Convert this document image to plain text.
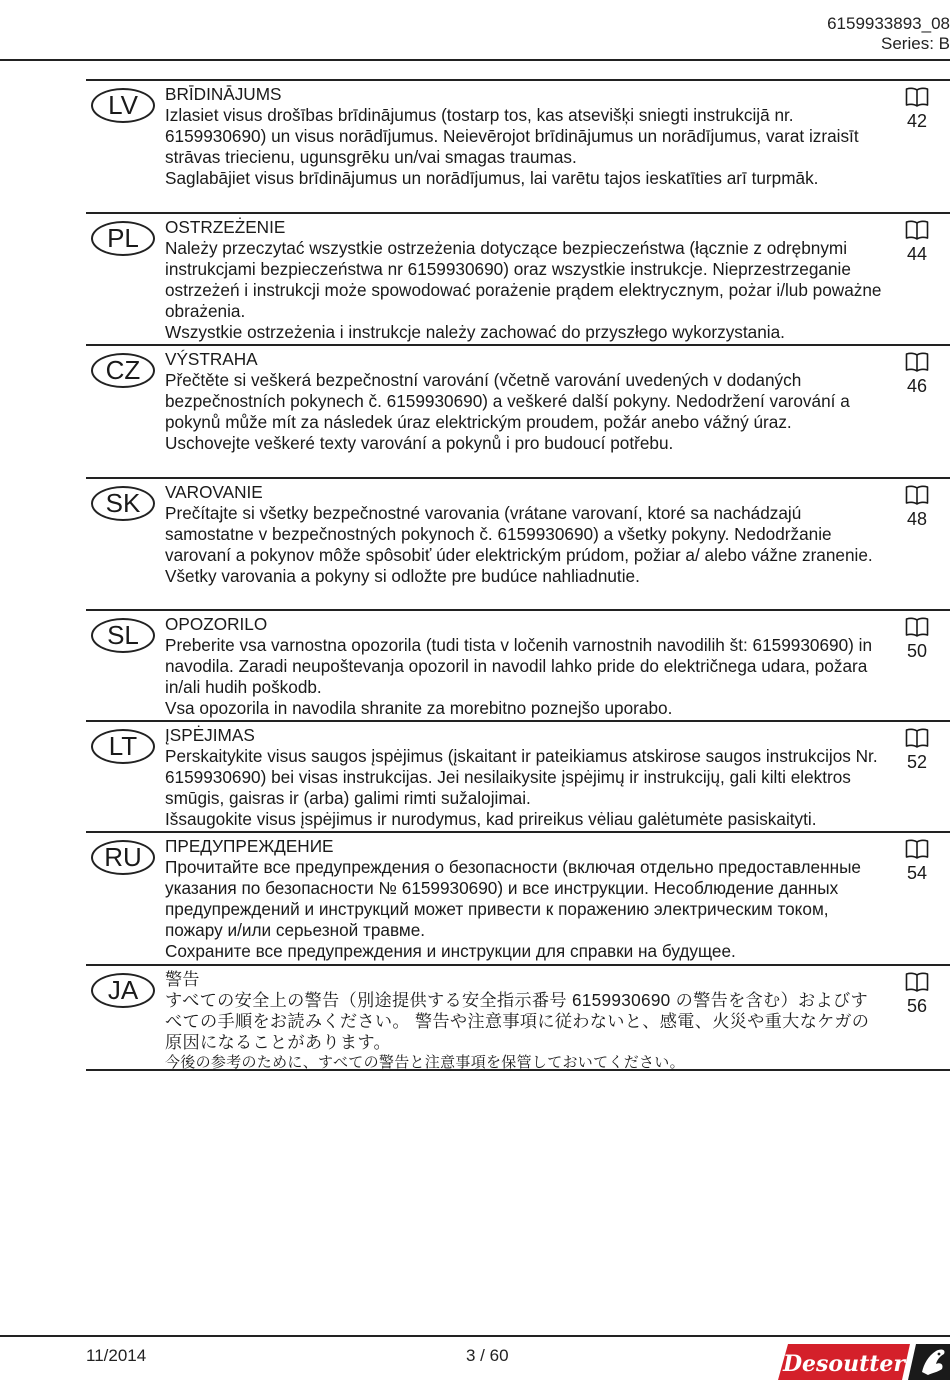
6159933893_08
Series: B
LV	BRĪDINĀJUMS
Izlasiet visus drošības brīdinājumus (tostarp tos, kas atsevišķi sniegti instrukcijā nr. 6159930690) un visus norādījumus. Neievērojot brīdinājumus un norādījumus, varat izraisīt strāvas triecienu, ugunsgrēku un/vai smagas traumas.
Saglabājiet visus brīdinājumus un norādījumus, lai varētu tajos ieskatīties arī turpmāk.
42
PL	OSTRZEŻENIE
Należy przeczytać wszystkie ostrzeżenia dotyczące bezpieczeństwa (łącznie z odrębnymi instrukcjami bezpieczeństwa nr 6159930690) oraz wszystkie instrukcje. Nieprzestrzeganie ostrzeżeń i instrukcji może spowodować porażenie prądem elektrycznym, pożar i/lub poważne obrażenia.
Wszystkie ostrzeżenia i instrukcje należy zachować do przyszłego wykorzystania.
44
CZ	VÝSTRAHA
Přečtěte si veškerá bezpečnostní varování (včetně varování uvedených v dodaných bezpečnostních pokynech č. 6159930690) a veškeré další pokyny. Nedodržení varování a pokynů může mít za následek úraz elektrickým proudem, požár anebo vážný úraz.
Uschovejte veškeré texty varování a pokynů i pro budoucí potřebu.
46
SK	VAROVANIE
Prečítajte si všetky bezpečnostné varovania (vrátane varovaní, ktoré sa nachádzajú samostatne v bezpečnostných pokynoch č. 6159930690) a všetky pokyny. Nedodržanie varovaní a pokynov môže spôsobiť úder elektrickým prúdom, požiar a/ alebo vážne zranenie.
Všetky varovania a pokyny si odložte pre budúce nahliadnutie.
48
SL	OPOZORILO
Preberite vsa varnostna opozorila (tudi tista v ločenih varnostnih navodilih št: 6159930690) in navodila. Zaradi neupoštevanja opozoril in navodil lahko pride do električnega udara, požara in/ali hudih poškodb.
Vsa opozorila in navodila shranite za morebitno poznejšo uporabo.
50
LT	ĮSPĖJIMAS
Perskaitykite visus saugos įspėjimus (įskaitant ir pateikiamus atskirose saugos instrukcijos Nr. 6159930690) bei visas instrukcijas. Jei nesilaikysite įspėjimų ir instrukcijų, gali kilti elektros smūgis, gaisras ir (arba) galimi rimti sužalojimai.
Išsaugokite visus įspėjimus ir nurodymus, kad prireikus vėliau galėtumėte pasiskaityti.
52
RU	ПРЕДУПРЕЖДЕНИЕ
Прочитайте все предупреждения о безопасности (включая отдельно предоставленные указания по безопасности № 6159930690) и все инструкции. Несоблюдение данных предупреждений и инструкций может привести к поражению электрическим током, пожару и/или серьезной травме.
Сохраните все предупреждения и инструкции для справки на будущее.
54
JA	警告
すべての安全上の警告（別途提供する安全指示番号 6159930690 の警告を含む）およびすべての手順をお読みください。 警告や注意事項に従わないと、感電、火災や重大なケガの原因になることがあります。
今後の参考のために、すべての警告と注意事項を保管しておいてください。
56
11/2014	3 / 60	Desoutter
